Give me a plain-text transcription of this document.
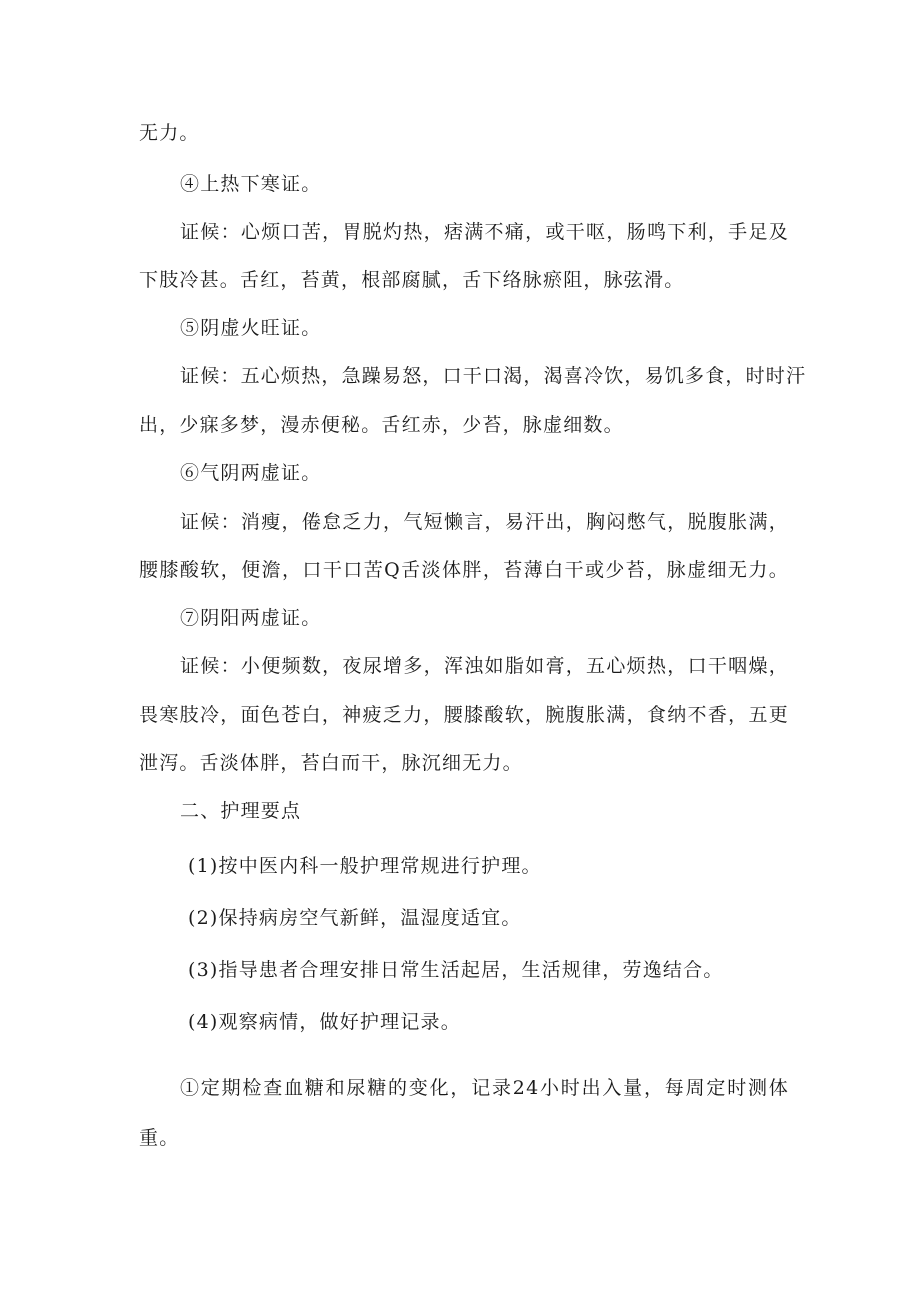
无力。
④上热下寒证。
证候：心烦口苦，胃脱灼热，痞满不痛，或干呕，肠鸣下利，手足及
下肢冷甚。舌红，苔黄，根部腐腻，舌下络脉瘀阻，脉弦滑。
⑤阴虚火旺证。
证候：五心烦热，急躁易怒，口干口渴，渴喜冷饮，易饥多食，时时汗
出，少寐多梦，漫赤便秘。舌红赤，少苔，脉虚细数。
⑥气阴两虚证。
证候：消瘦，倦怠乏力，气短懒言，易汗出，胸闷憋气，脱腹胀满，
腰膝酸软，便澹，口干口苦Q舌淡体胖，苔薄白干或少苔，脉虚细无力。
⑦阴阳两虚证。
证候：小便频数，夜尿增多，浑浊如脂如膏，五心烦热，口干咽燥，
畏寒肢冷，面色苍白，神疲乏力，腰膝酸软，腕腹胀满，食纳不香，五更
泄泻。舌淡体胖，苔白而干，脉沉细无力。
二、护理要点
(1)按中医内科一般护理常规进行护理。
(2)保持病房空气新鲜，温湿度适宜。
(3)指导患者合理安排日常生活起居，生活规律，劳逸结合。
(4)观察病情，做好护理记录。
①定期检查血糖和尿糖的变化，记录24小时出入量，每周定时测体
重。
